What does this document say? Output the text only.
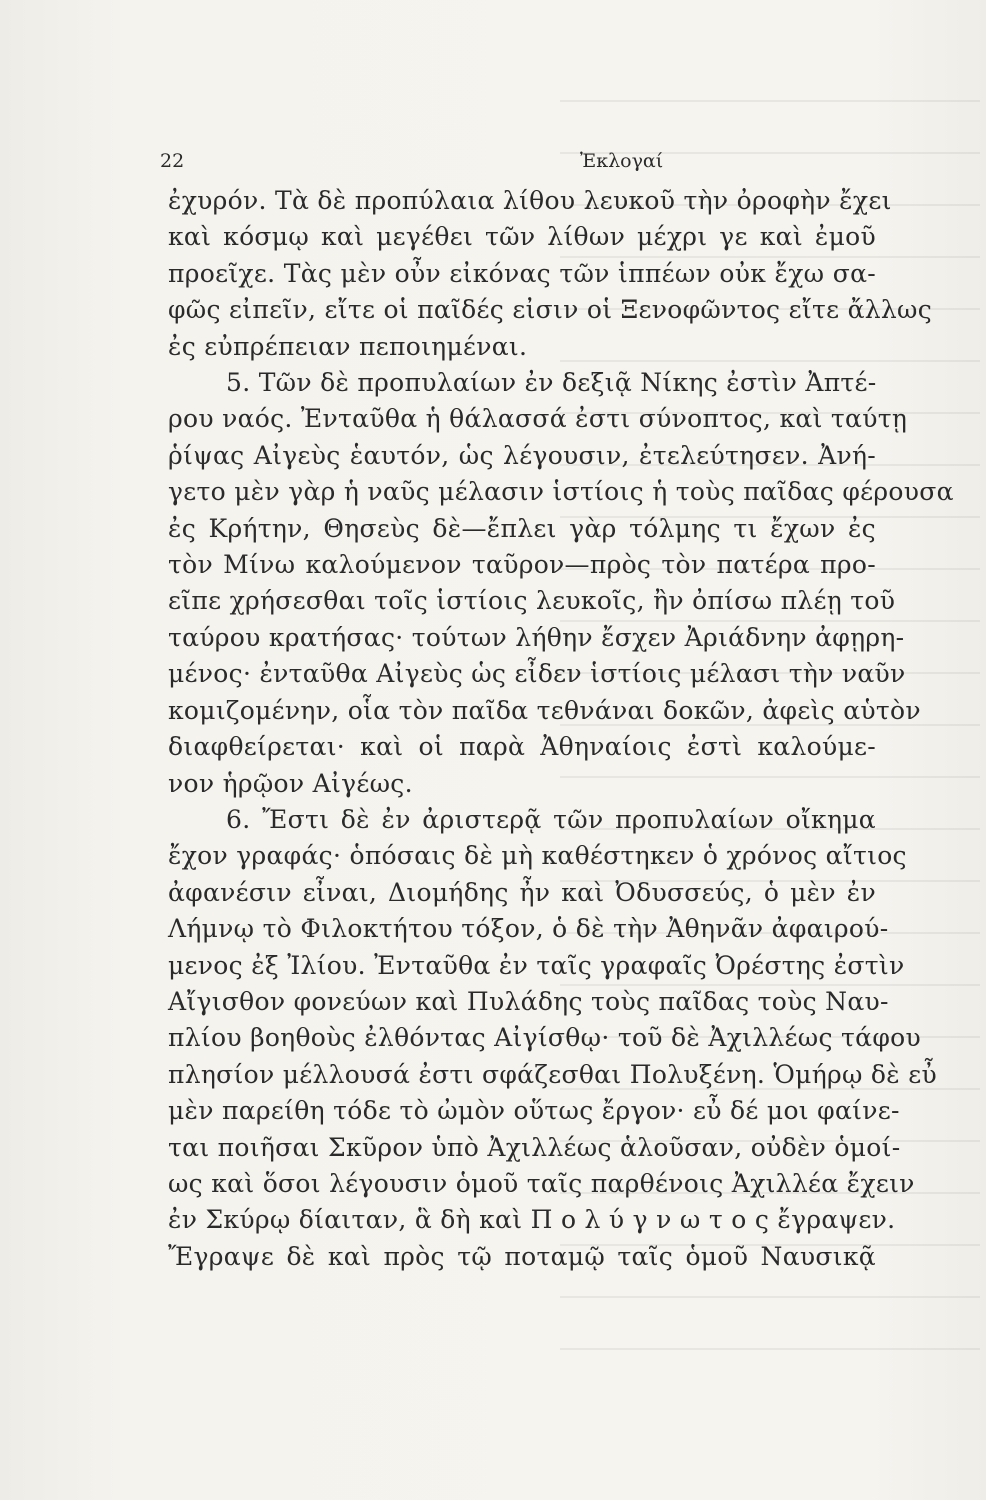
22	Ἐκλογαί
ἐχυρόν. Τὰ δὲ προπύλαια λίθου λευκοῦ τὴν ὀροφὴν ἔχει
καὶ κόσμῳ καὶ μεγέθει τῶν λίθων μέχρι γε καὶ ἐμοῦ
προεῖχε. Τὰς μὲν οὖν εἰκόνας τῶν ἱππέων οὐκ ἔχω σα-
φῶς εἰπεῖν, εἴτε οἱ παῖδές εἰσιν οἱ Ξενοφῶντος εἴτε ἄλλως
ἐς εὐπρέπειαν πεποιημέναι.
5. Τῶν δὲ προπυλαίων ἐν δεξιᾷ Νίκης ἐστὶν Ἀπτέ-
ρου ναός. Ἐνταῦθα ἡ θάλασσά ἐστι σύνοπτος, καὶ ταύτῃ
ῥίψας Αἰγεὺς ἑαυτόν, ὡς λέγουσιν, ἐτελεύτησεν. Ἀνή-
γετο μὲν γὰρ ἡ ναῦς μέλασιν ἱστίοις ἡ τοὺς παῖδας φέρουσα
ἐς Κρήτην, Θησεὺς δὲ—ἔπλει γὰρ τόλμης τι ἔχων ἐς
τὸν Μίνω καλούμενον ταῦρον—πρὸς τὸν πατέρα προ-
εῖπε χρήσεσθαι τοῖς ἱστίοις λευκοῖς, ἢν ὀπίσω πλέῃ τοῦ
ταύρου κρατήσας· τούτων λήθην ἔσχεν Ἀριάδνην ἀφῃρη-
μένος· ἐνταῦθα Αἰγεὺς ὡς εἶδεν ἱστίοις μέλασι τὴν ναῦν
κομιζομένην, οἷα τὸν παῖδα τεθνάναι δοκῶν, ἀφεὶς αὑτὸν
διαφθείρεται· καὶ οἱ παρὰ Ἀθηναίοις ἐστὶ καλούμε-
νον ἡρῷον Αἰγέως.
6. Ἔστι δὲ ἐν ἀριστερᾷ τῶν προπυλαίων οἴκημα
ἔχον γραφάς· ὁπόσαις δὲ μὴ καθέστηκεν ὁ χρόνος αἴτιος
ἀφανέσιν εἶναι, Διομήδης ἦν καὶ Ὀδυσσεύς, ὁ μὲν ἐν
Λήμνῳ τὸ Φιλοκτήτου τόξον, ὁ δὲ τὴν Ἀθηνᾶν ἀφαιρού-
μενος ἐξ Ἰλίου. Ἐνταῦθα ἐν ταῖς γραφαῖς Ὀρέστης ἐστὶν
Αἴγισθον φονεύων καὶ Πυλάδης τοὺς παῖδας τοὺς Ναυ-
πλίου βοηθοὺς ἐλθόντας Αἰγίσθῳ· τοῦ δὲ Ἀχιλλέως τάφου
πλησίον μέλλουσά ἐστι σφάζεσθαι Πολυξένη. Ὁμήρῳ δὲ εὖ
μὲν παρείθη τόδε τὸ ὠμὸν οὕτως ἔργον· εὖ δέ μοι φαίνε-
ται ποιῆσαι Σκῦρον ὑπὸ Ἀχιλλέως ἁλοῦσαν, οὐδὲν ὁμοί-
ως καὶ ὅσοι λέγουσιν ὁμοῦ ταῖς παρθένοις Ἀχιλλέα ἔχειν
ἐν Σκύρῳ δίαιταν, ἃ δὴ καὶ Π ο λ ύ γ ν ω τ ο ς ἔγραψεν.
Ἔγραψε δὲ καὶ πρὸς τῷ ποταμῷ ταῖς ὁμοῦ Ναυσικᾷ
